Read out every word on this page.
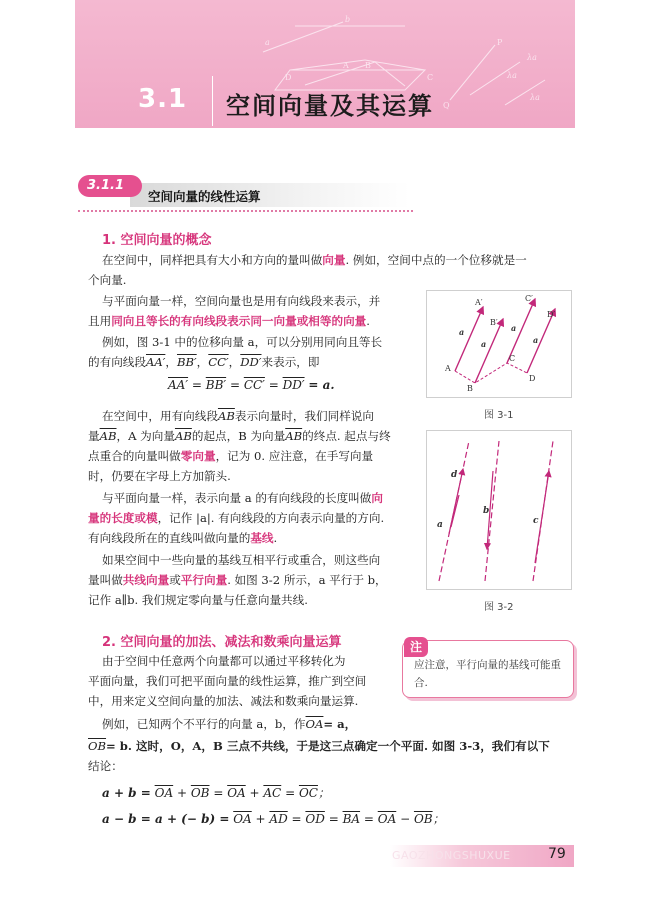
a
b
A B
D	C
P
Q
λa
λa
λa
3.1 空间向量及其运算
3.1.1
空间向量的线性运算
1. 空间向量的概念
在空间中，同样把具有大小和方向的量叫做向量. 例如，空间中点的一个位移就是一
个向量.
与平面向量一样，空间向量也是用有向线段来表示，并
且用同向且等长的有向线段表示同一向量或相等的向量.
例如，图 3-1 中的位移向量 a，可以分别用同向且等长
的有向线段AA′，BB′，CC′，DD′来表示，即
AA′ = BB′ = CC′ = DD′ = a.
在空间中，用有向线段$\overline{AB}$表示向量时，我们同样说向
量$\overline{AB}$，A 为向量$\overline{AB}$的起点，B 为向量$\overline{AB}$的终点. 起点与终
点重合的向量叫做零向量，记为 0. 应注意，在手写向量
时，仍要在字母上方加箭头.
与平面向量一样，表示向量 a 的有向线段的长度叫做向
量的长度或模，记作 |a|. 有向线段的方向表示向量的方向.
有向线段所在的直线叫做向量的基线.
如果空间中一些向量的基线互相平行或重合，则这些向
量叫做共线向量或平行向量. 如图 3-2 所示，a 平行于 b，
记作 a∥b. 我们规定零向量与任意向量共线.
A
B
C
D
A′
B′
C′
D′
a
a
a
a
图 3-1
d
a
b
c
图 3-2
2. 空间向量的加法、减法和数乘向量运算
由于空间中任意两个向量都可以通过平移转化为
平面向量，我们可把平面向量的线性运算，推广到空间
中，用来定义空间向量的加法、减法和数乘向量运算.
例如，已知两个不平行的向量 a，b，作$\overline{OA}= a$，
$\overline{OB}= b$. 这时，O，A，B 三点不共线，于是这三点确定一个平面. 如图 3-3，我们有以下
结论：
$a + b = \overline{OA} + \overline{OB} = \overline{OA} + \overline{AC} = \overline{OC}$；
a − b = a + (− $b) = \overline{OA} + \overline{AD} = \overline{OD} = \overline{BA} = \overline{OA} - \overline{OB}$；
注
应注意，平行向量的基线可能重合.
GAOZHONGSHUXUE	79
